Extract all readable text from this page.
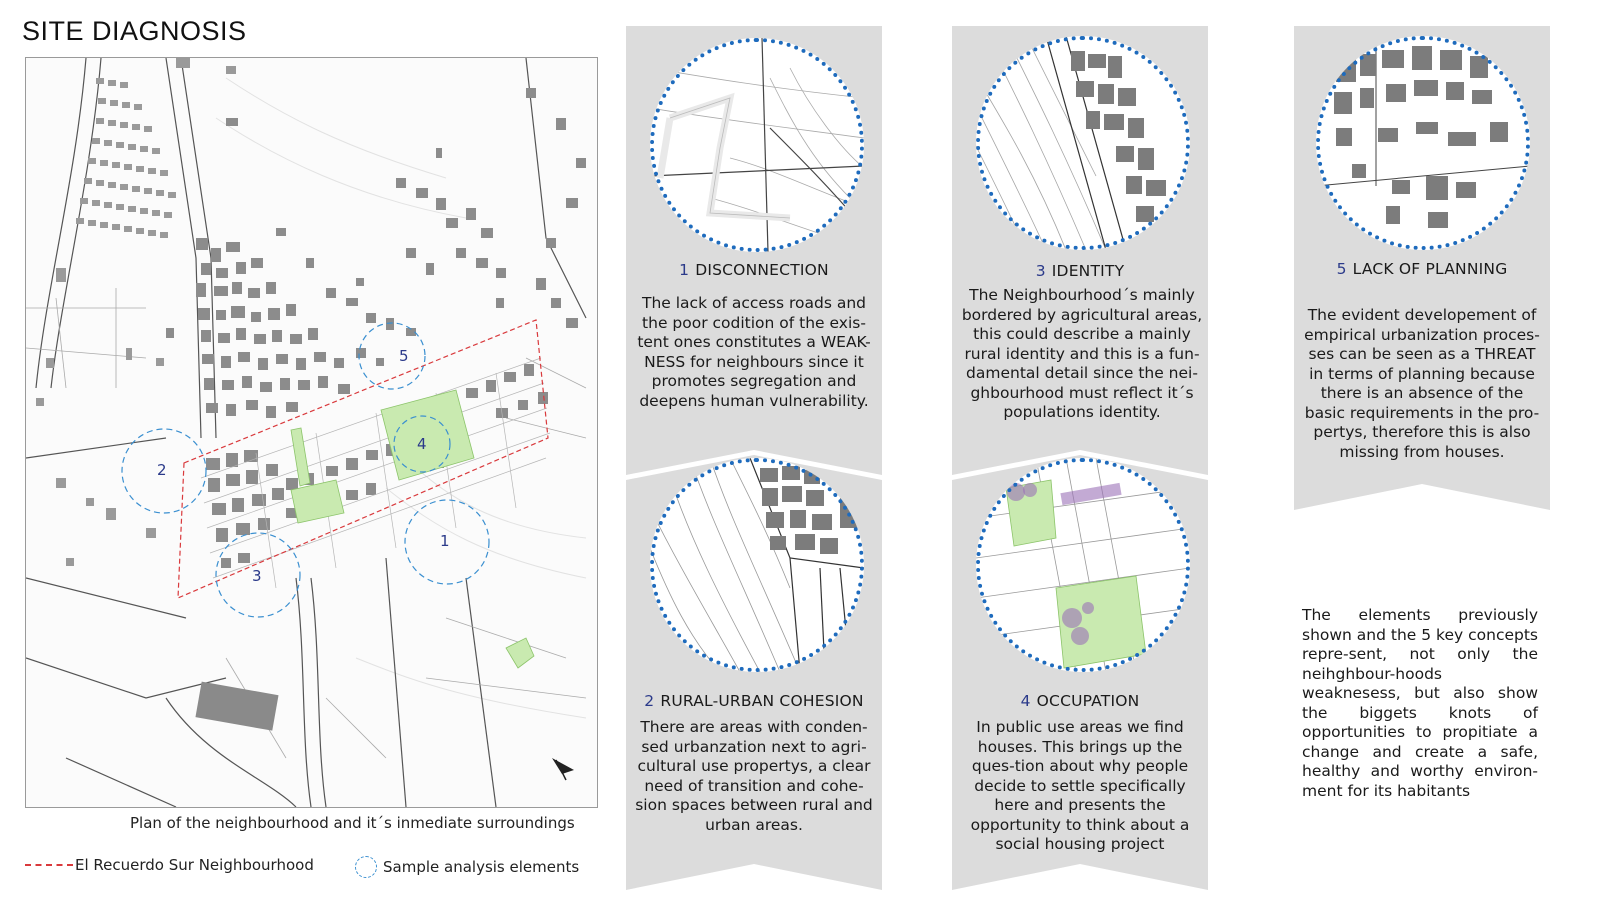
SITE DIAGNOSIS
1
2
3
4
5
Plan of the neighbourhood and it´s inmediate surroundings
El Recuerdo Sur Neighbourhood	Sample analysis elements
1 DISCONNECTION
The lack of access roads and the poor codition of the exis-tent ones constitutes a WEAK-NESS for neighbours since it promotes segregation and deepens human vulnerability.
2 RURAL-URBAN COHESION
There are areas with conden-sed urbanzation next to agri-cultural use propertys, a clear need of transition and cohe-sion spaces between rural and urban areas.
3 IDENTITY
The Neighbourhood´s mainly bordered by agricultural areas, this could describe a mainly rural identity and this is a fun-damental detail since the nei-ghbourhood must reflect it´s populations identity.
4 OCCUPATION
In public use areas we find houses. This brings up the ques-tion about why people decide to settle specifically here and presents the opportunity to think about a social housing project
5 LACK OF PLANNING
The evident developement of empirical urbanization proces-ses can be seen as a THREAT in terms of planning because there is an absence of the basic requirements in the pro-pertys, therefore this is also missing from houses.
The elements previously shown and the 5 key concepts repre-sent, not only the neihghbour-hoods weaknesess, but also show the biggets knots of opportunities to propitiate a change and create a safe, healthy and worthy environ-ment for its habitants
